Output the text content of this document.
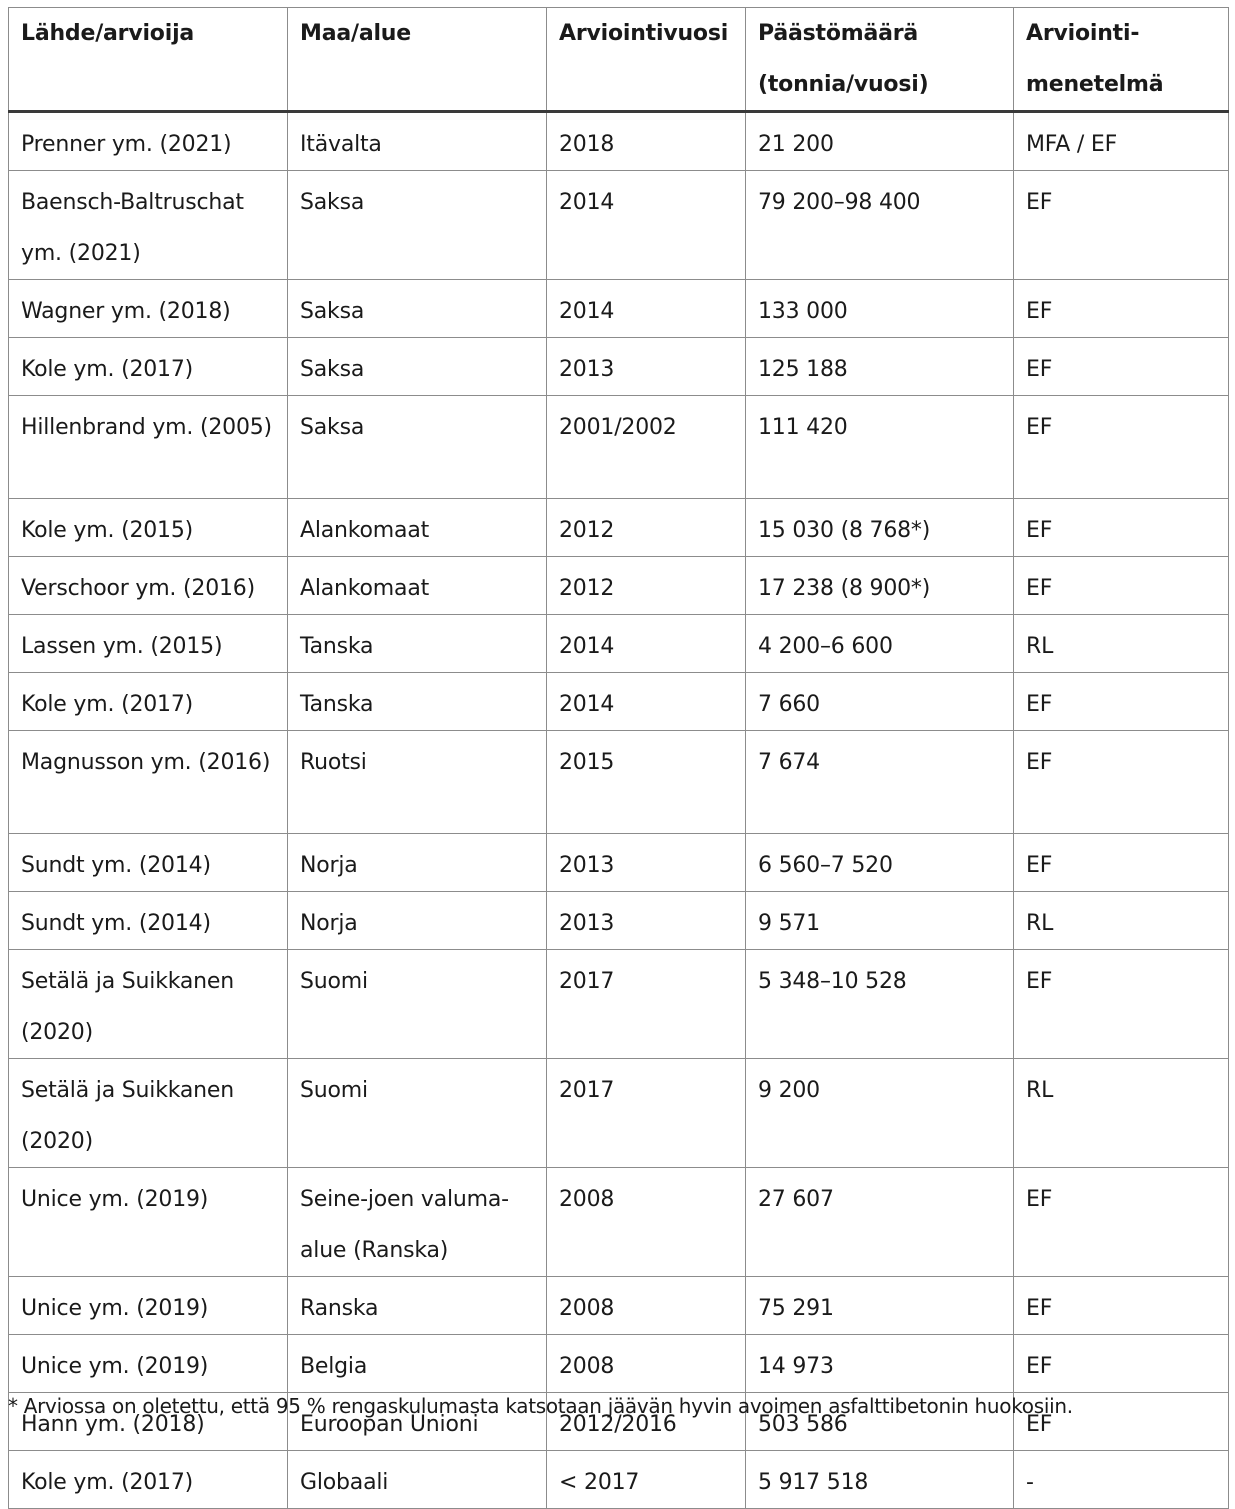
Lähde/arvioija	Maa/alue	Arviointivuosi	Päästömäärä (tonnia/vuosi)	Arviointi-menetelmä
Prenner ym. (2021)	Itävalta	2018	21 200	MFA / EF
Baensch-Baltruschat ym. (2021)	Saksa	2014	79 200–98 400	EF
Wagner ym. (2018)	Saksa	2014	133 000	EF
Kole ym. (2017)	Saksa	2013	125 188	EF
Hillenbrand ym. (2005)	Saksa	2001/2002	111 420	EF
Kole ym. (2015)	Alankomaat	2012	15 030 (8 768*)	EF
Verschoor ym. (2016)	Alankomaat	2012	17 238 (8 900*)	EF
Lassen ym. (2015)	Tanska	2014	4 200–6 600	RL
Kole ym. (2017)	Tanska	2014	7 660	EF
Magnusson ym. (2016)	Ruotsi	2015	7 674	EF
Sundt ym. (2014)	Norja	2013	6 560–7 520	EF
Sundt ym. (2014)	Norja	2013	9 571	RL
Setälä ja Suikkanen (2020)	Suomi	2017	5 348–10 528	EF
Setälä ja Suikkanen (2020)	Suomi	2017	9 200	RL
Unice ym. (2019)	Seine-joen valuma-alue (Ranska)	2008	27 607	EF
Unice ym. (2019)	Ranska	2008	75 291	EF
Unice ym. (2019)	Belgia	2008	14 973	EF
Hann ym. (2018)	Euroopan Unioni	2012/2016	503 586	EF
Kole ym. (2017)	Globaali	< 2017	5 917 518	-
* Arviossa on oletettu, että 95 % rengaskulumasta katsotaan jäävän hyvin avoimen asfalttibetonin huokosiin.
